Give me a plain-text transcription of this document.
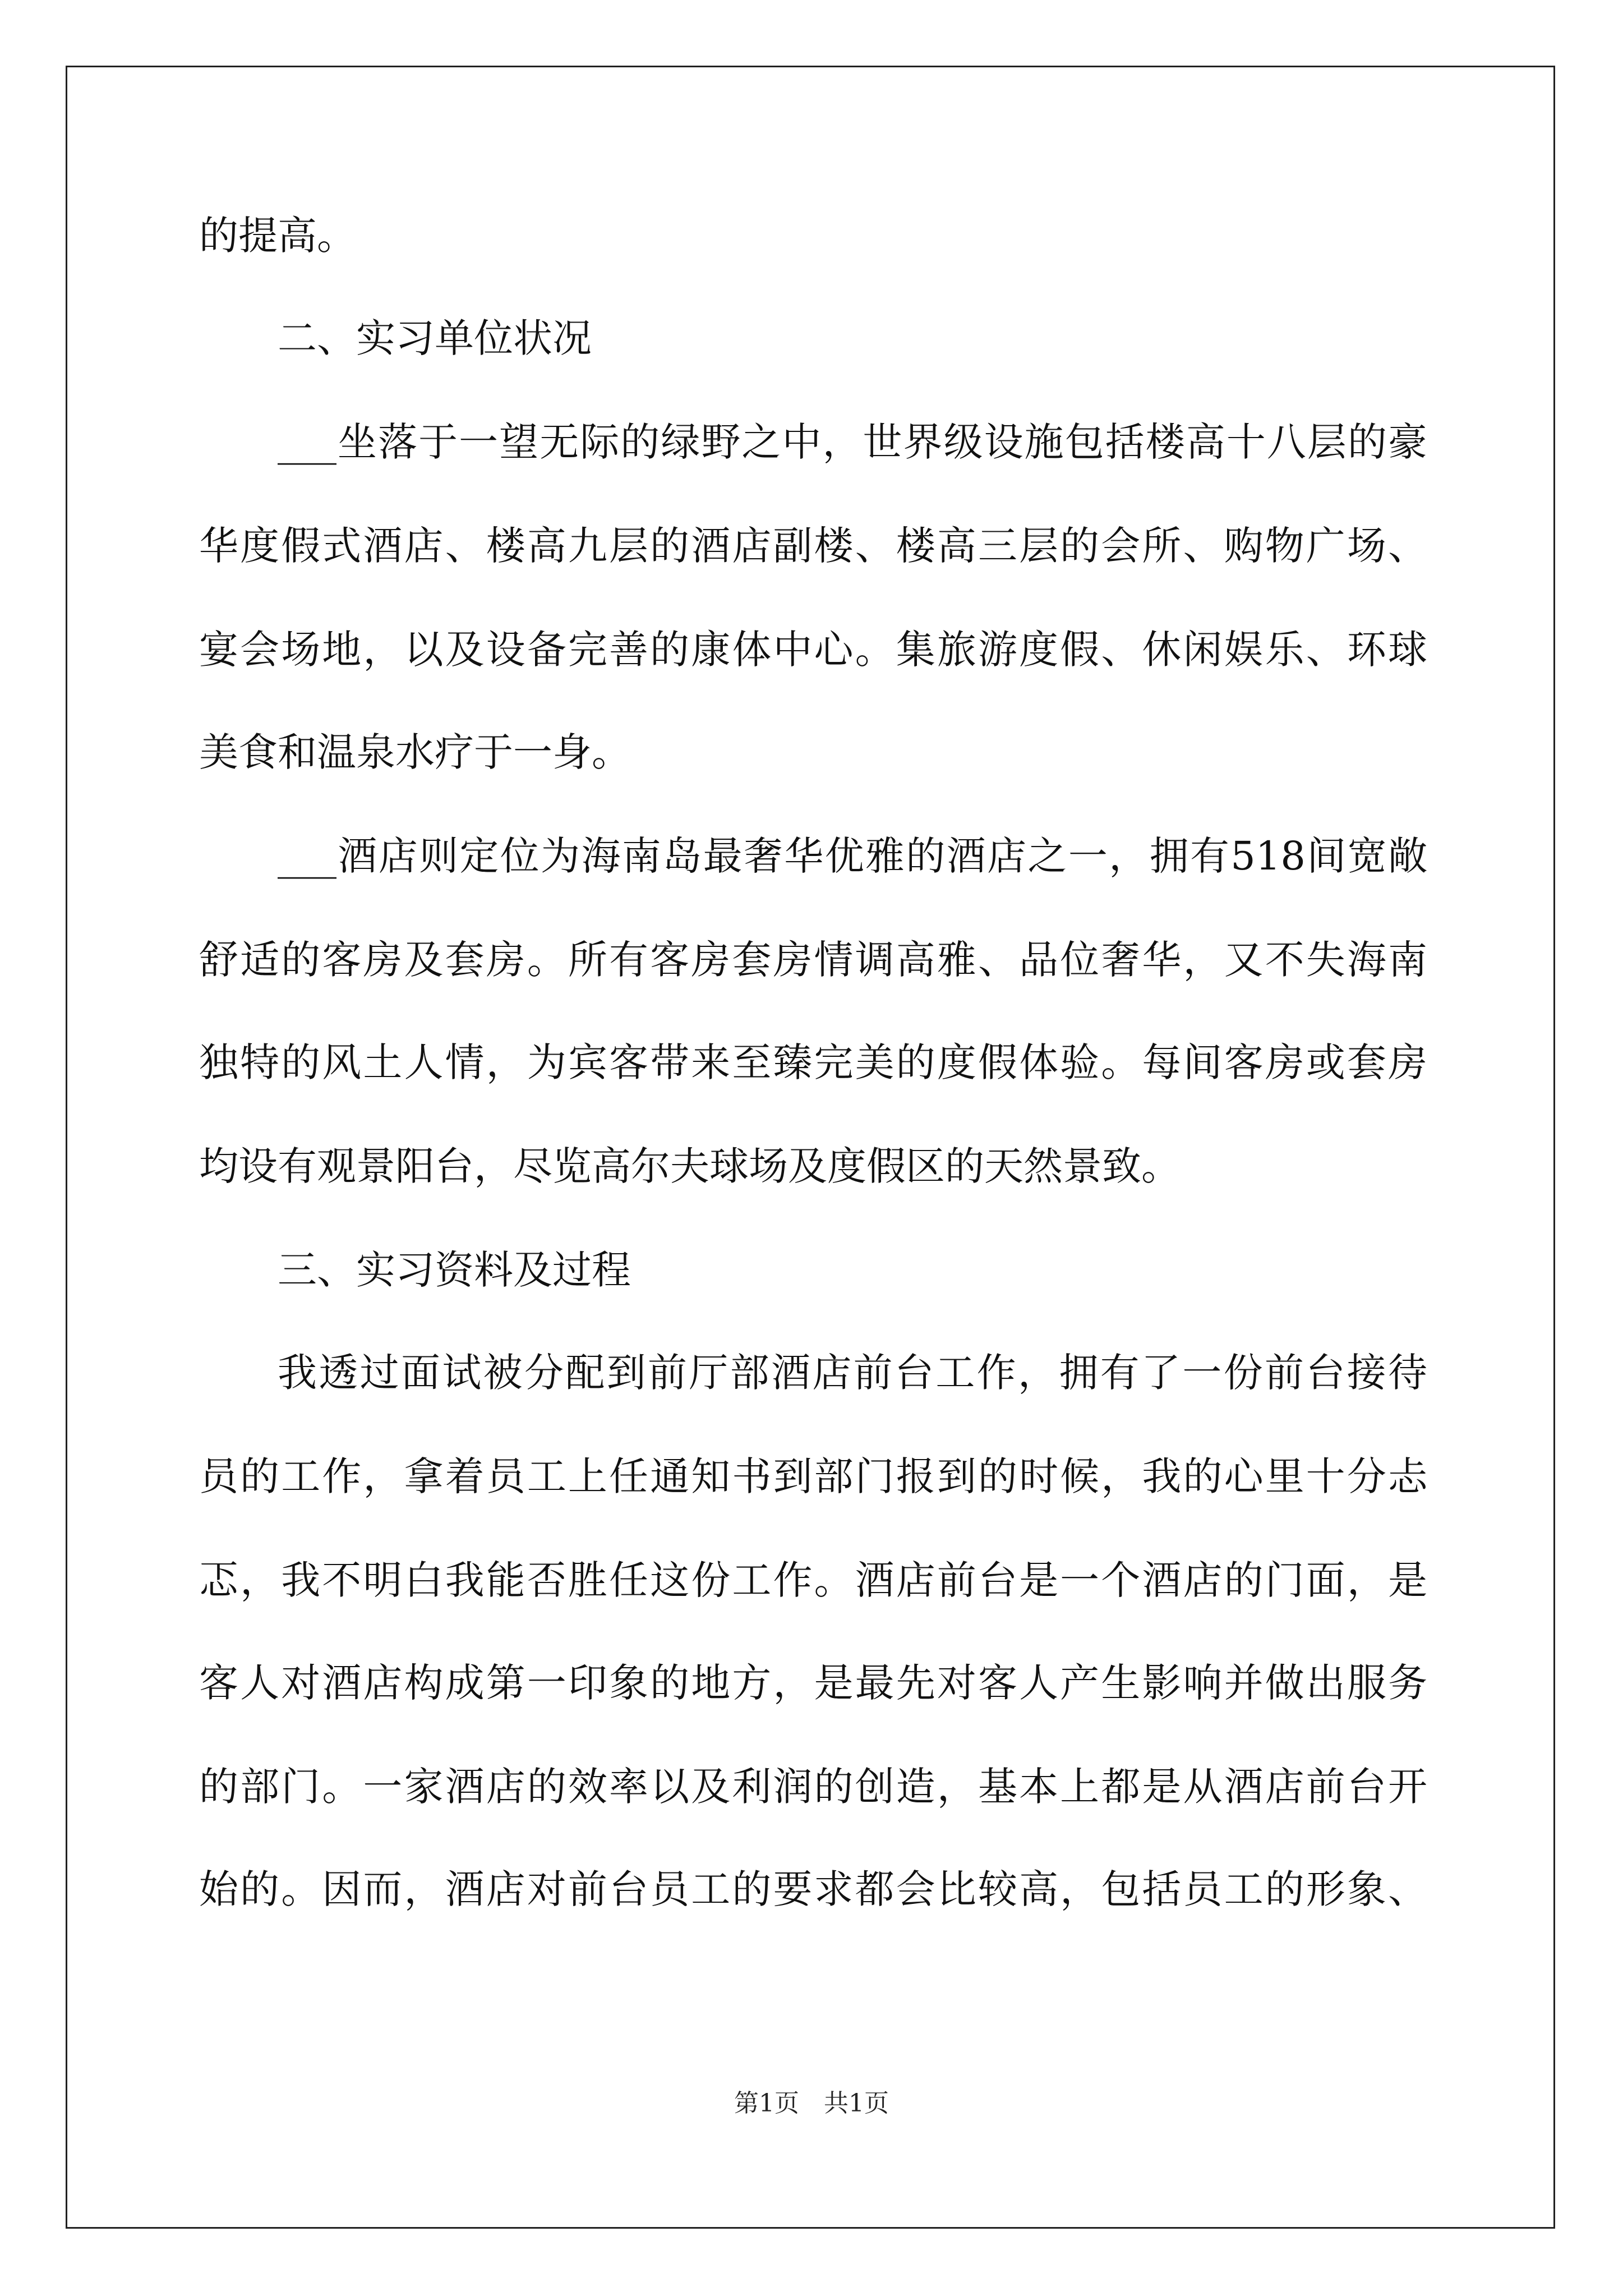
的提高。
二、实习单位状况
___坐落于一望无际的绿野之中，世界级设施包括楼高十八层的豪
华度假式酒店、楼高九层的酒店副楼、楼高三层的会所、购物广场、
宴会场地，以及设备完善的康体中心。集旅游度假、休闲娱乐、环球
美食和温泉水疗于一身。
___酒店则定位为海南岛最奢华优雅的酒店之一，拥有518间宽敞
舒适的客房及套房。所有客房套房情调高雅、品位奢华，又不失海南
独特的风土人情，为宾客带来至臻完美的度假体验。每间客房或套房
均设有观景阳台，尽览高尔夫球场及度假区的天然景致。
三、实习资料及过程
我透过面试被分配到前厅部酒店前台工作，拥有了一份前台接待
员的工作，拿着员工上任通知书到部门报到的时候，我的心里十分忐
忑，我不明白我能否胜任这份工作。酒店前台是一个酒店的门面，是
客人对酒店构成第一印象的地方，是最先对客人产生影响并做出服务
的部门。一家酒店的效率以及利润的创造，基本上都是从酒店前台开
始的。因而，酒店对前台员工的要求都会比较高，包括员工的形象、
第1页　共1页
